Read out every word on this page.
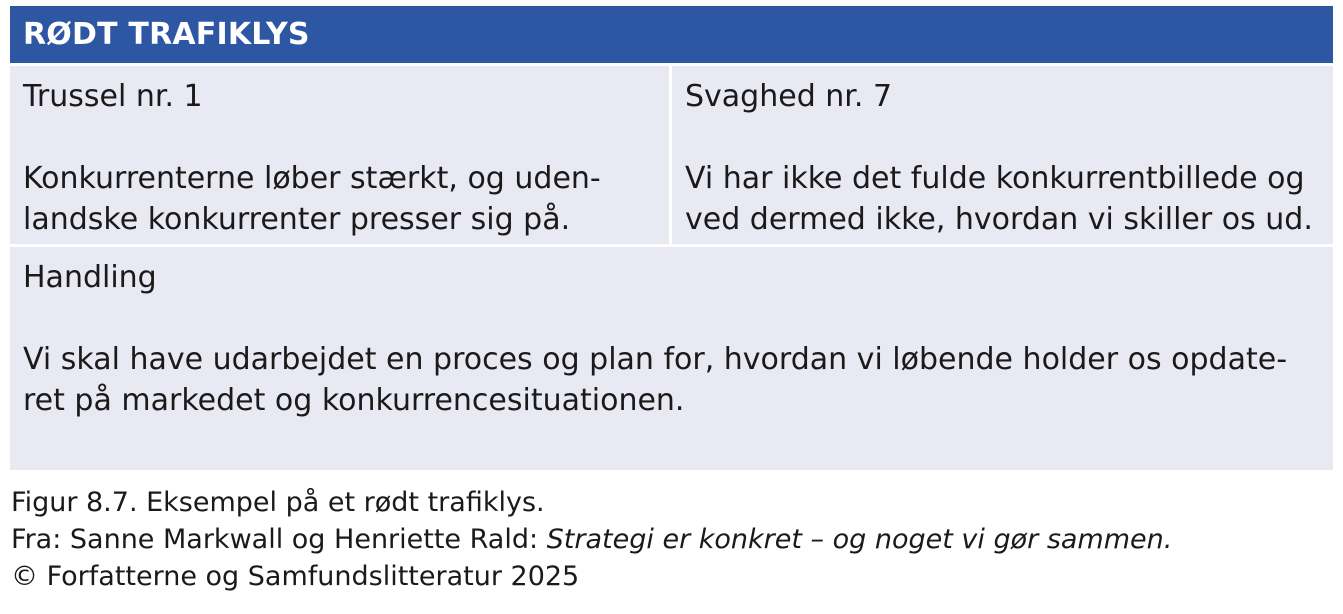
RØDT TRAFIKLYS
Trussel nr. 1
Konkurrenterne løber stærkt, og uden-
landske konkurrenter presser sig på.
Svaghed nr. 7
Vi har ikke det fulde konkurrentbillede og
ved dermed ikke, hvordan vi skiller os ud.
Handling
Vi skal have udarbejdet en proces og plan for, hvordan vi løbende holder os opdate-
ret på markedet og konkurrencesituationen.
Figur 8.7. Eksempel på et rødt trafiklys.
Fra: Sanne Markwall og Henriette Rald: Strategi er konkret – og noget vi gør sammen.
© Forfatterne og Samfundslitteratur 2025
